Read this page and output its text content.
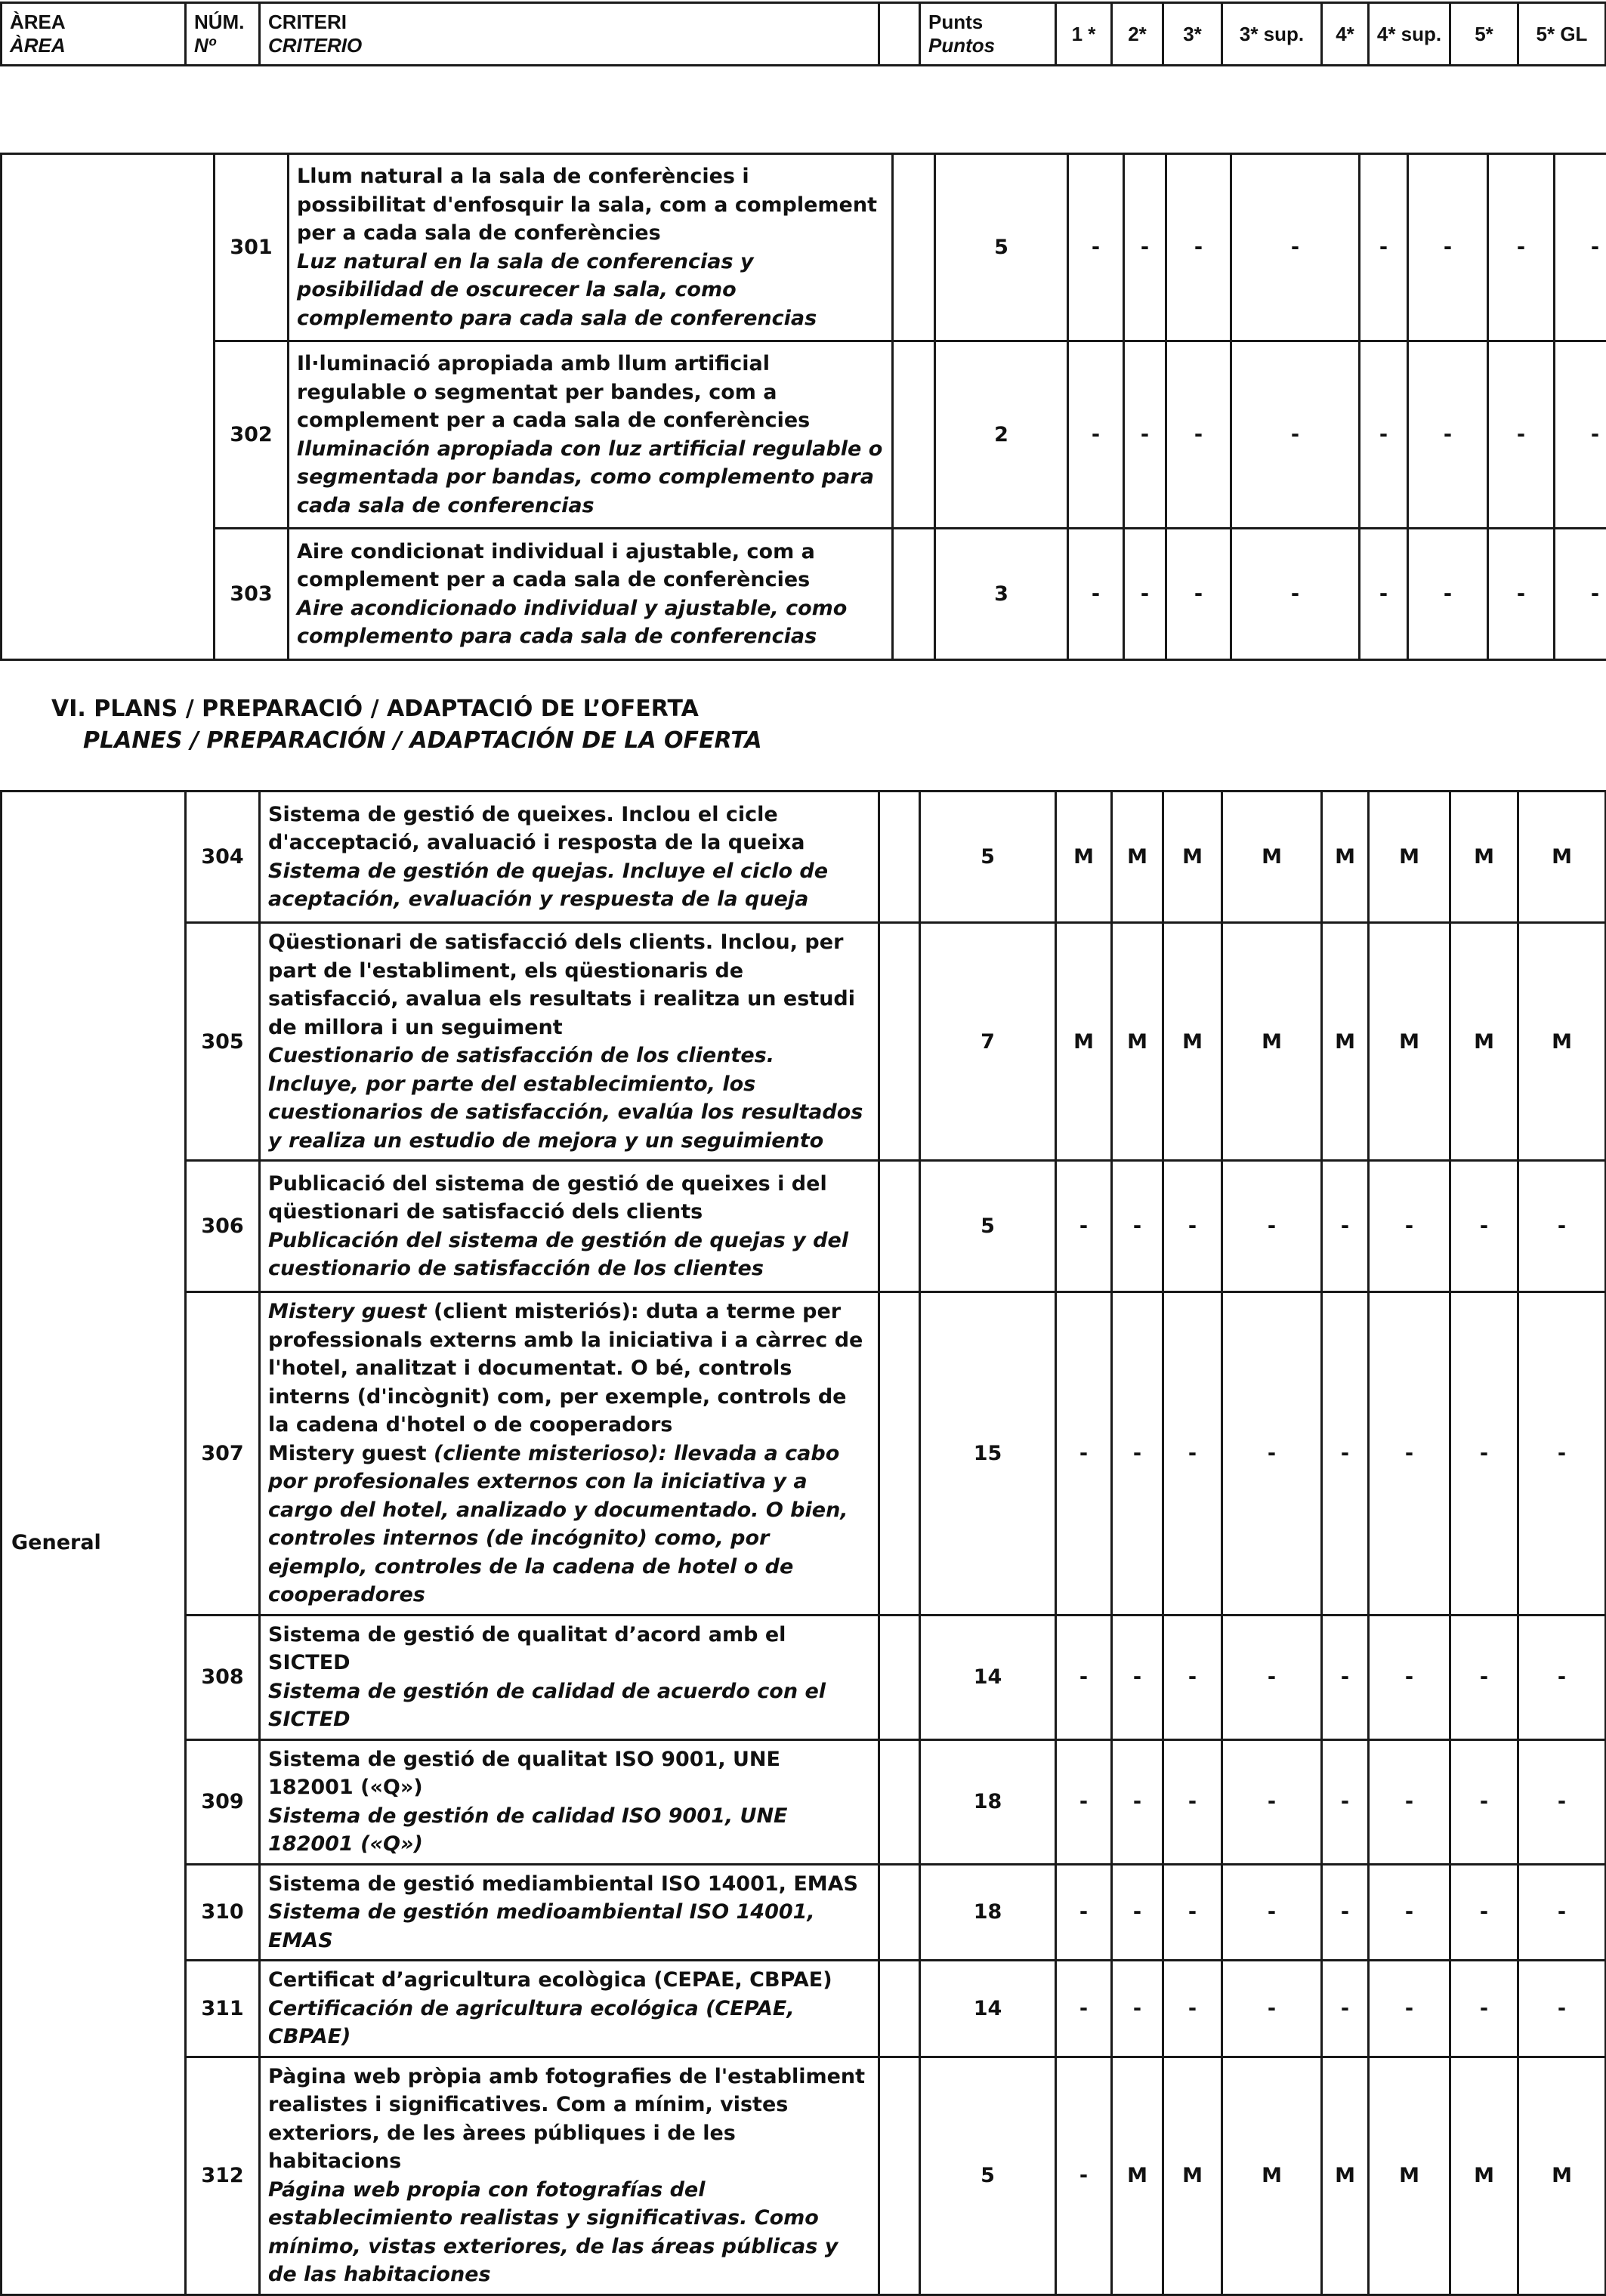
ÀREA
ÀREA
	NÚM.
Nº
	CRITERI
CRITERIO
		Punts
Puntos
	1 *	2*	3*	3* sup.	4*	4* sup.	5*	5* GL
	301	Llum natural a la sala de conferències i possibilitat d'enfosquir la sala, com a complement per a cada sala de conferències
Luz natural en la sala de conferencias y posibilidad de oscurecer la sala, como complemento para cada sala de conferencias		5	-	-	-	-	-	-	-	-
	302	Il·luminació apropiada amb llum artificial regulable o segmentat per bandes, com a complement per a cada sala de conferències
Iluminación apropiada con luz artificial regulable o segmentada por bandas, como complemento para cada sala de conferencias		2	-	-	-	-	-	-	-	-
	303	Aire condicionat individual i ajustable, com a complement per a cada sala de conferències
Aire acondicionado individual y ajustable, como complemento para cada sala de conferencias		3	-	-	-	-	-	-	-	-
VI. PLANS / PREPARACIÓ / ADAPTACIÓ DE L’OFERTA
PLANES / PREPARACIÓN / ADAPTACIÓN DE LA OFERTA
General	304	Sistema de gestió de queixes. Inclou el cicle d'acceptació, avaluació i resposta de la queixa
Sistema de gestión de quejas. Incluye el ciclo de aceptación, evaluación y respuesta de la queja		5	M	M	M	M	M	M	M	M
	305	Qüestionari de satisfacció dels clients. Inclou, per part de l'establiment, els qüestionaris de satisfacció, avalua els resultats i realitza un estudi de millora i un seguiment
Cuestionario de satisfacción de los clientes. Incluye, por parte del establecimiento, los cuestionarios de satisfacción, evalúa los resultados y realiza un estudio de mejora y un seguimiento		7	M	M	M	M	M	M	M	M
	306	Publicació del sistema de gestió de queixes i del qüestionari de satisfacció dels clients
Publicación del sistema de gestión de quejas y del cuestionario de satisfacción de los clientes		5	-	-	-	-	-	-	-	-
	307	Mistery guest (client misteriós): duta a terme per professionals externs amb la iniciativa i a càrrec de l'hotel, analitzat i documentat. O bé, controls interns (d'incògnit) com, per exemple, controls de la cadena d'hotel o de cooperadors
Mistery guest (cliente misterioso): llevada a cabo por profesionales externos con la iniciativa y a cargo del hotel, analizado y documentado. O bien, controles internos (de incógnito) como, por ejemplo, controles de la cadena de hotel o de cooperadores		15	-	-	-	-	-	-	-	-
	308	Sistema de gestió de qualitat d’acord amb el SICTED
Sistema de gestión de calidad de acuerdo con el SICTED		14	-	-	-	-	-	-	-	-
	309	Sistema de gestió de qualitat ISO 9001, UNE 182001 («Q»)
Sistema de gestión de calidad ISO 9001, UNE 182001 («Q»)		18	-	-	-	-	-	-	-	-
	310	Sistema de gestió mediambiental ISO 14001, EMAS
Sistema de gestión medioambiental ISO 14001, EMAS		18	-	-	-	-	-	-	-	-
	311	Certificat d’agricultura ecològica (CEPAE, CBPAE)
Certificación de agricultura ecológica (CEPAE, CBPAE)		14	-	-	-	-	-	-	-	-
	312	Pàgina web pròpia amb fotografies de l'establiment realistes i significatives. Com a mínim, vistes exteriors, de les àrees públiques i de les habitacions
Página web propia con fotografías del establecimiento realistas y significativas. Como mínimo, vistas exteriores, de las áreas públicas y de las habitaciones		5	-	M	M	M	M	M	M	M
